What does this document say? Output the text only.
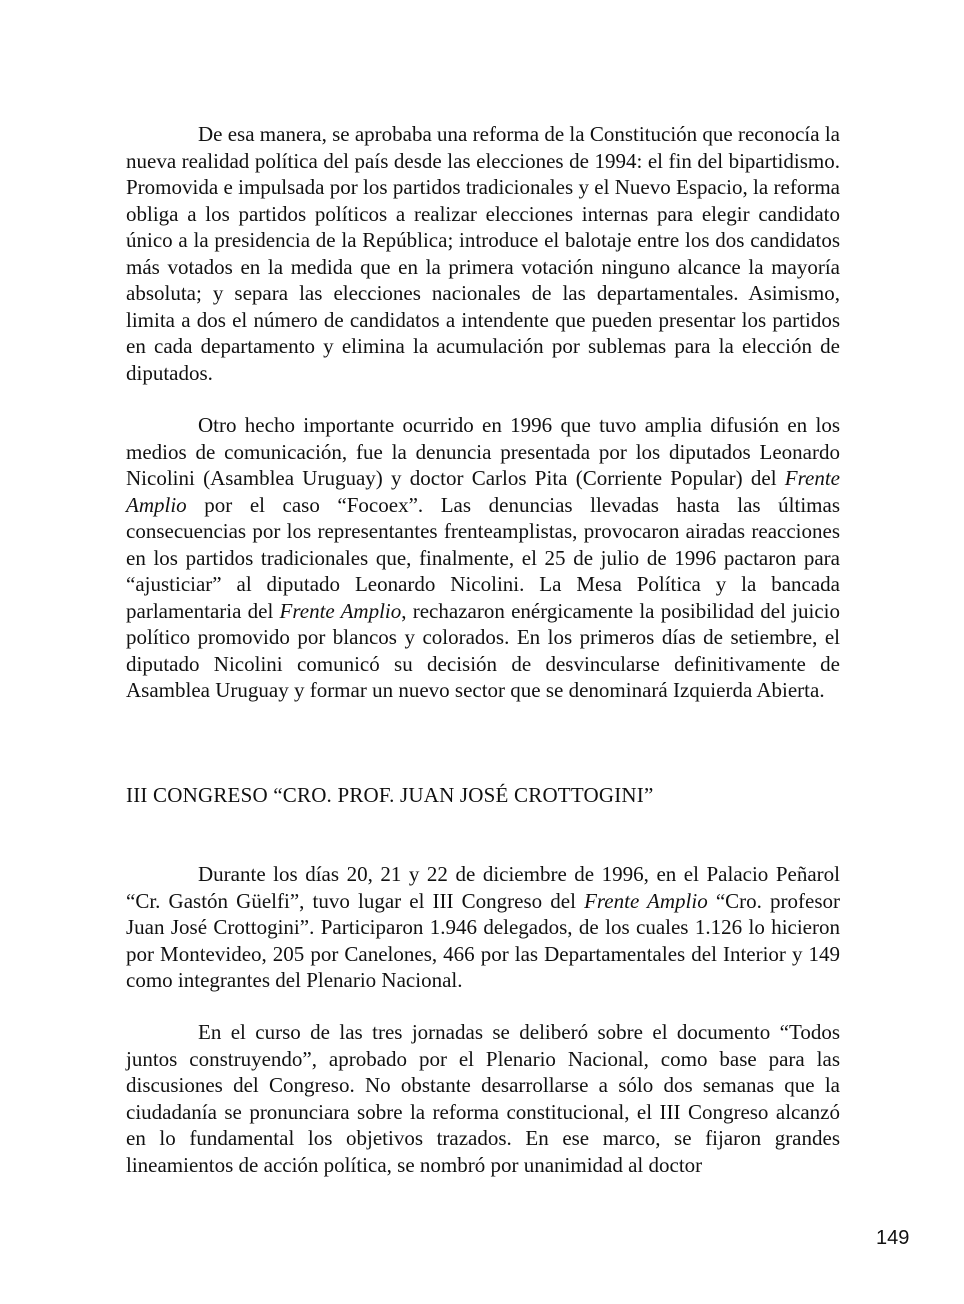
De esa manera, se aprobaba una reforma de la Constitución que reconocía la nueva realidad política del país desde las elecciones de 1994: el fin del bipartidismo. Promovida e impulsada por los partidos tradicionales y el Nuevo Espacio, la reforma obliga a los partidos políticos a realizar elecciones internas para elegir candidato único a la presidencia de la República; introduce el balotaje entre los dos candidatos más votados en la medida que en la primera votación ninguno alcance la mayoría absoluta; y separa las elecciones nacionales de las departamentales. Asimismo, limita a dos el número de candidatos a intendente que pueden presentar los partidos en cada departamento y elimina la acumulación por sublemas para la elección de diputados.

Otro hecho importante ocurrido en 1996 que tuvo amplia difusión en los medios de comunicación, fue la denuncia presentada por los diputados Leonardo Nicolini (Asamblea Uruguay) y doctor Carlos Pita (Corriente Popular) del Frente Amplio por el caso “Focoex”. Las denuncias llevadas hasta las últimas consecuencias por los representantes frenteamplistas, provocaron airadas reacciones en los partidos tradicionales que, finalmente, el 25 de julio de 1996 pactaron para “ajusticiar” al diputado Leonardo Nicolini. La Mesa Política y la bancada parlamentaria del Frente Amplio, rechazaron enérgicamente la posibilidad del juicio político promovido por blancos y colorados. En los primeros días de setiembre, el diputado Nicolini comunicó su decisión de desvincularse definitivamente de Asamblea Uruguay y formar un nuevo sector que se denominará Izquierda Abierta.

III CONGRESO “CRO. PROF. JUAN JOSÉ CROTTOGINI”

Durante los días 20, 21 y 22 de diciembre de 1996, en el Palacio Peñarol “Cr. Gastón Güelfi”, tuvo lugar el III Congreso del Frente Amplio “Cro. profesor Juan José Crottogini”. Participaron 1.946 delegados, de los cuales 1.126 lo hicieron por Montevideo, 205 por Canelones, 466 por las Departamentales del Interior y 149 como integrantes del Plenario Nacional.

En el curso de las tres jornadas se deliberó sobre el documento “Todos juntos construyendo”, aprobado por el Plenario Nacional, como base para las discusiones del Congreso. No obstante desarrollarse a sólo dos semanas que la ciudadanía se pronunciara sobre la reforma constitucional, el III Congreso alcanzó en lo fundamental los objetivos trazados. En ese marco, se fijaron grandes lineamientos de acción política, se nombró por unanimidad al doctor

149
